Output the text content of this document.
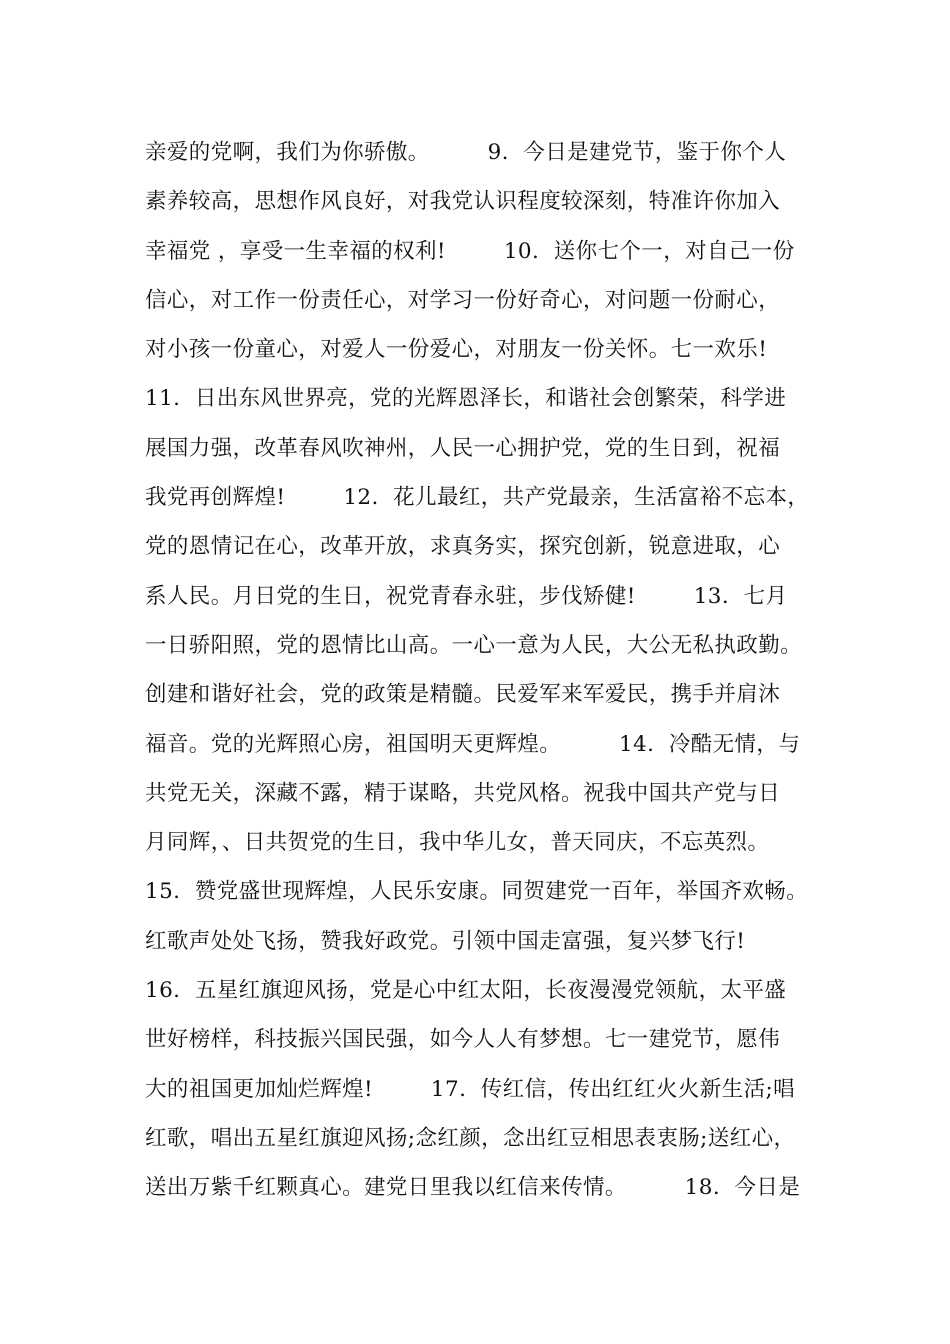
亲爱的党啊，我们为你骄傲。        9.  今日是建党节，鉴于你个人
素养较高，思想作风良好，对我党认识程度较深刻，特准许你加入
幸福党 ，享受一生幸福的权利!        10.  送你七个一，对自己一份
信心，对工作一份责任心，对学习一份好奇心，对问题一份耐心，
对小孩一份童心，对爱人一份爱心，对朋友一份关怀。七一欢乐!
11.  日出东风世界亮，党的光辉恩泽长，和谐社会创繁荣，科学进
展国力强，改革春风吹神州，人民一心拥护党，党的生日到，祝福
我党再创辉煌!        12.  花儿最红，共产党最亲，生活富裕不忘本，
党的恩情记在心，改革开放，求真务实，探究创新，锐意进取，心
系人民。月日党的生日，祝党青春永驻，步伐矫健!        13.  七月
一日骄阳照，党的恩情比山高。一心一意为人民，大公无私执政勤。
创建和谐好社会，党的政策是精髓。民爱军来军爱民，携手并肩沐
福音。党的光辉照心房，祖国明天更辉煌。        14.  冷酷无情，与
共党无关，深藏不露，精于谋略，共党风格。祝我中国共产党与日
月同辉，、日共贺党的生日，我中华儿女，普天同庆，不忘英烈。
15.  赞党盛世现辉煌，人民乐安康。同贺建党一百年，举国齐欢畅。
红歌声处处飞扬，赞我好政党。引领中国走富强，复兴梦飞行!
16.  五星红旗迎风扬，党是心中红太阳，长夜漫漫党领航，太平盛
世好榜样，科技振兴国民强，如今人人有梦想。七一建党节，愿伟
大的祖国更加灿烂辉煌!        17.  传红信，传出红红火火新生活;唱
红歌，唱出五星红旗迎风扬;念红颜，念出红豆相思表衷肠;送红心，
送出万紫千红颗真心。建党日里我以红信来传情。        18.  今日是
